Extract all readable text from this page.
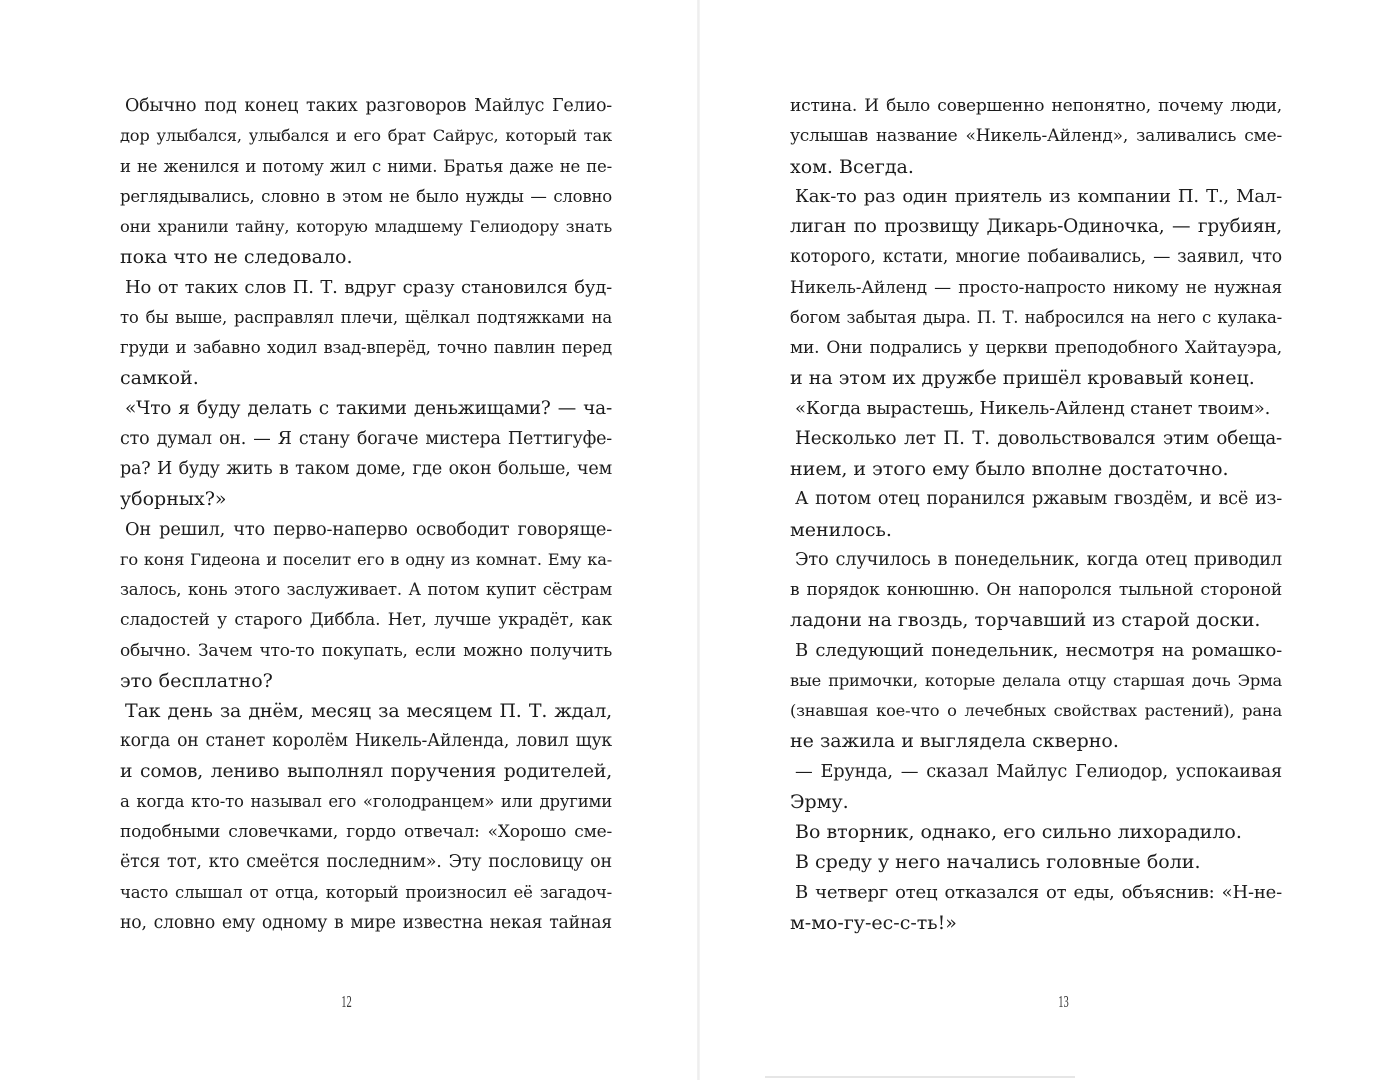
Обычно под конец таких разговоров Майлус Гелио-
дор улыбался, улыбался и его брат Сайрус, который так
и не женился и потому жил с ними. Братья даже не пе-
реглядывались, словно в этом не было нужды — словно
они хранили тайну, которую младшему Гелиодору знать
пока что не следовало.
Но от таких слов П. Т. вдруг сразу становился буд-
то бы выше, расправлял плечи, щёлкал подтяжками на
груди и забавно ходил взад-вперёд, точно павлин перед
самкой.
«Что я буду делать с такими деньжищами? — ча-
сто думал он. — Я стану богаче мистера Петтигуфе-
ра? И буду жить в таком доме, где окон больше, чем
уборных?»
Он решил, что перво-наперво освободит говоряще-
го коня Гидеона и поселит его в одну из комнат. Ему ка-
залось, конь этого заслуживает. А потом купит сёстрам
сладостей у старого Диббла. Нет, лучше украдёт, как
обычно. Зачем что-то покупать, если можно получить
это бесплатно?
Так день за днём, месяц за месяцем П. Т. ждал,
когда он станет королём Никель-Айленда, ловил щук
и сомов, лениво выполнял поручения родителей,
а когда кто-то называл его «голодранцем» или другими
подобными словечками, гордо отвечал: «Хорошо сме-
ётся тот, кто смеётся последним». Эту пословицу он
часто слышал от отца, который произносил её загадоч-
но, словно ему одному в мире известна некая тайная
12
истина. И было совершенно непонятно, почему люди,
услышав название «Никель-Айленд», заливались сме-
хом. Всегда.
Как-то раз один приятель из компании П. Т., Мал-
лиган по прозвищу Дикарь-Одиночка, — грубиян,
которого, кстати, многие побаивались, — заявил, что
Никель-Айленд — просто-напросто никому не нужная
богом забытая дыра. П. Т. набросился на него с кулака-
ми. Они подрались у церкви преподобного Хайтауэра,
и на этом их дружбе пришёл кровавый конец.
«Когда вырастешь, Никель-Айленд станет твоим».
Несколько лет П. Т. довольствовался этим обеща-
нием, и этого ему было вполне достаточно.
А потом отец поранился ржавым гвоздём, и всё из-
менилось.
Это случилось в понедельник, когда отец приводил
в порядок конюшню. Он напоролся тыльной стороной
ладони на гвоздь, торчавший из старой доски.
В следующий понедельник, несмотря на ромашко-
вые примочки, которые делала отцу старшая дочь Эрма
(знавшая кое-что о лечебных свойствах растений), рана
не зажила и выглядела скверно.
— Ерунда, — сказал Майлус Гелиодор, успокаивая
Эрму.
Во вторник, однако, его сильно лихорадило.
В среду у него начались головные боли.
В четверг отец отказался от еды, объяснив: «Н-не-
м-мо-гу-ес-с-ть!»
13
